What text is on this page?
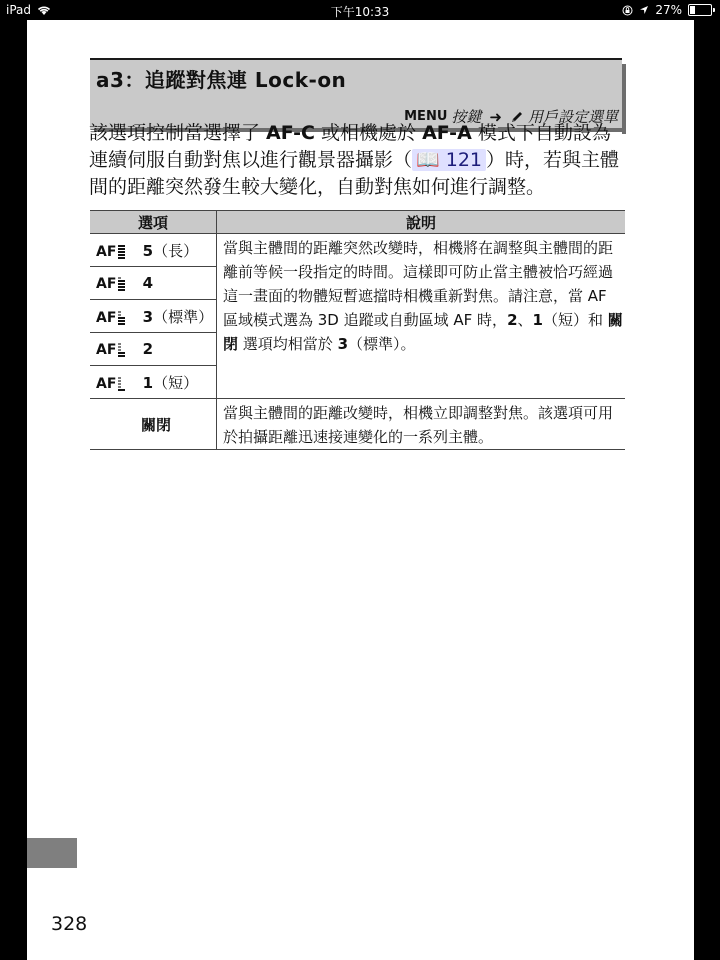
iPad	下午10:33	27%
a3：追蹤對焦連 Lock-on
MENU 按鍵 ➜ 用戶設定選單
該選項控制當選擇了 AF-C 或相機處於 AF-A 模式下自動設為連續伺服自動對焦以進行觀景器攝影（ 📖 121 ）時，若與主體間的距離突然發生較大變化，自動對焦如何進行調整。
選項	說明

AF 5（長）	當與主體間的距離突然改變時，相機將在調整與主體間的距離前等候一段指定的時間。這樣即可防止當主體被恰巧經過這一畫面的物體短暫遮擋時相機重新對焦。請注意，當 AF 區域模式選為 3D 追蹤或自動區域 AF 時，2、1（短）和 關閉 選項均相當於 3（標準）。

AF 4	

AF 3（標準）	

AF 2	

AF 1（短）	
關閉	當與主體間的距離改變時，相機立即調整對焦。該選項可用於拍攝距離迅速接連變化的一系列主體。
328
